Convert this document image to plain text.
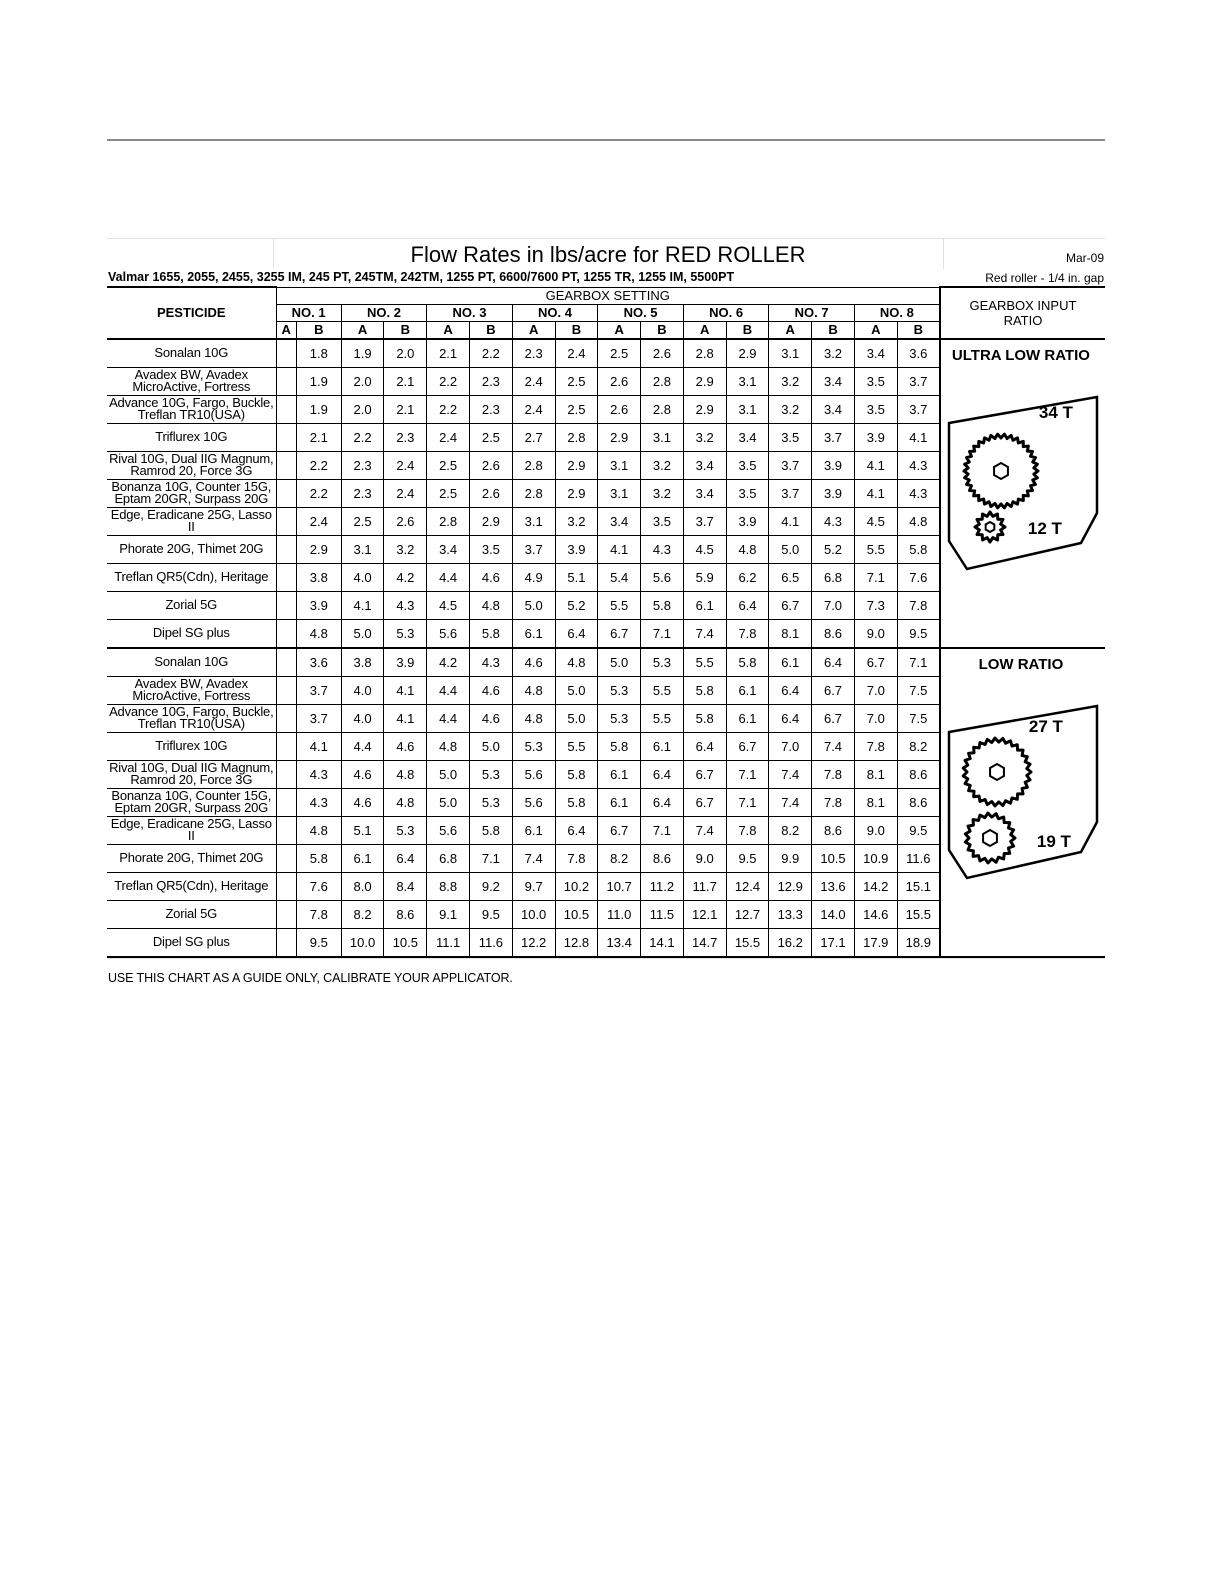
Flow Rates in lbs/acre for RED ROLLER	Mar-09
Valmar 1655, 2055, 2455, 3255 IM, 245 PT, 245TM, 242TM, 1255 PT, 6600/7600 PT, 1255 TR, 1255 IM, 5500PT	Red roller - 1/4 in. gap
PESTICIDE	GEARBOX SETTING																GEARBOX INPUT
RATIO

	NO. 1		NO. 2		NO. 3		NO. 4		NO. 5		NO. 6		NO. 7		NO. 8		
	A	B	A	B	A	B	A	B	A	B	A	B	A	B	A	B	
Sonalan 10G		1.8	1.9	2.0	2.1	2.2	2.3	2.4	2.5	2.6	2.8	2.9	3.1	3.2	3.4	3.6	ULTRA LOW RATIO
34 T
12 T

Avadex BW, Avadex MicroActive, Fortress		1.9	2.0	2.1	2.2	2.3	2.4	2.5	2.6	2.8	2.9	3.1	3.2	3.4	3.5	3.7	
Advance 10G, Fargo, Buckle, Treflan TR10(USA)		1.9	2.0	2.1	2.2	2.3	2.4	2.5	2.6	2.8	2.9	3.1	3.2	3.4	3.5	3.7	
Triflurex 10G		2.1	2.2	2.3	2.4	2.5	2.7	2.8	2.9	3.1	3.2	3.4	3.5	3.7	3.9	4.1	
Rival 10G, Dual IIG Magnum, Ramrod 20, Force 3G		2.2	2.3	2.4	2.5	2.6	2.8	2.9	3.1	3.2	3.4	3.5	3.7	3.9	4.1	4.3	
Bonanza 10G, Counter 15G, Eptam 20GR, Surpass 20G		2.2	2.3	2.4	2.5	2.6	2.8	2.9	3.1	3.2	3.4	3.5	3.7	3.9	4.1	4.3	
Edge, Eradicane 25G, Lasso II		2.4	2.5	2.6	2.8	2.9	3.1	3.2	3.4	3.5	3.7	3.9	4.1	4.3	4.5	4.8	
Phorate 20G, Thimet 20G		2.9	3.1	3.2	3.4	3.5	3.7	3.9	4.1	4.3	4.5	4.8	5.0	5.2	5.5	5.8	
Treflan QR5(Cdn), Heritage		3.8	4.0	4.2	4.4	4.6	4.9	5.1	5.4	5.6	5.9	6.2	6.5	6.8	7.1	7.6	
Zorial 5G		3.9	4.1	4.3	4.5	4.8	5.0	5.2	5.5	5.8	6.1	6.4	6.7	7.0	7.3	7.8	
Dipel SG plus		4.8	5.0	5.3	5.6	5.8	6.1	6.4	6.7	7.1	7.4	7.8	8.1	8.6	9.0	9.5	
Sonalan 10G		3.6	3.8	3.9	4.2	4.3	4.6	4.8	5.0	5.3	5.5	5.8	6.1	6.4	6.7	7.1	LOW RATIO
27 T
19 T

Avadex BW, Avadex MicroActive, Fortress		3.7	4.0	4.1	4.4	4.6	4.8	5.0	5.3	5.5	5.8	6.1	6.4	6.7	7.0	7.5	
Advance 10G, Fargo, Buckle, Treflan TR10(USA)		3.7	4.0	4.1	4.4	4.6	4.8	5.0	5.3	5.5	5.8	6.1	6.4	6.7	7.0	7.5	
Triflurex 10G		4.1	4.4	4.6	4.8	5.0	5.3	5.5	5.8	6.1	6.4	6.7	7.0	7.4	7.8	8.2	
Rival 10G, Dual IIG Magnum, Ramrod 20, Force 3G		4.3	4.6	4.8	5.0	5.3	5.6	5.8	6.1	6.4	6.7	7.1	7.4	7.8	8.1	8.6	
Bonanza 10G, Counter 15G, Eptam 20GR, Surpass 20G		4.3	4.6	4.8	5.0	5.3	5.6	5.8	6.1	6.4	6.7	7.1	7.4	7.8	8.1	8.6	
Edge, Eradicane 25G, Lasso II		4.8	5.1	5.3	5.6	5.8	6.1	6.4	6.7	7.1	7.4	7.8	8.2	8.6	9.0	9.5	
Phorate 20G, Thimet 20G		5.8	6.1	6.4	6.8	7.1	7.4	7.8	8.2	8.6	9.0	9.5	9.9	10.5	10.9	11.6	
Treflan QR5(Cdn), Heritage		7.6	8.0	8.4	8.8	9.2	9.7	10.2	10.7	11.2	11.7	12.4	12.9	13.6	14.2	15.1	
Zorial 5G		7.8	8.2	8.6	9.1	9.5	10.0	10.5	11.0	11.5	12.1	12.7	13.3	14.0	14.6	15.5	
Dipel SG plus		9.5	10.0	10.5	11.1	11.6	12.2	12.8	13.4	14.1	14.7	15.5	16.2	17.1	17.9	18.9	
USE THIS CHART AS A GUIDE ONLY, CALIBRATE YOUR APPLICATOR.
